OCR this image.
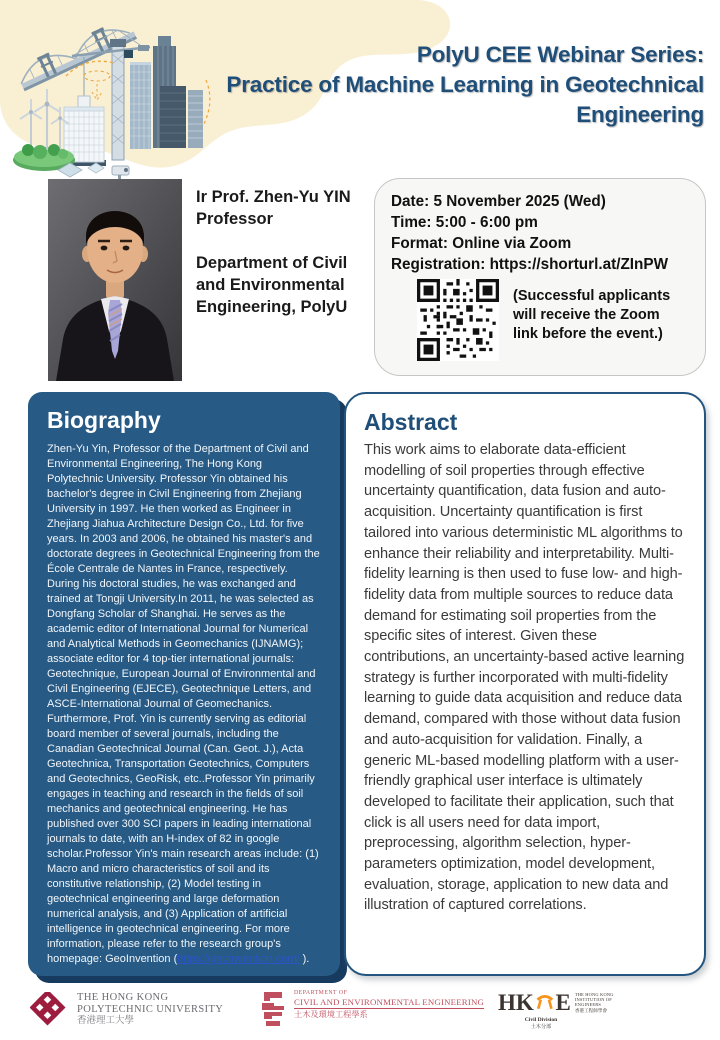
PolyU CEE Webinar Series:
Practice of Machine Learning in Geotechnical
Engineering
Ir Prof. Zhen-Yu YIN
Professor
Department of Civil and Environmental Engineering, PolyU
Date: 5 November 2025 (Wed)
Time: 5:00 - 6:00 pm
Format: Online via Zoom
Registration: https://shorturl.at/ZInPW
(Successful applicants will receive the Zoom link before the event.)
Biography

Zhen-Yu Yin, Professor of the Department of Civil and Environmental Engineering, The Hong Kong Polytechnic University. Professor Yin obtained his bachelor's degree in Civil Engineering from Zhejiang University in 1997. He then worked as Engineer in Zhejiang Jiahua Architecture Design Co., Ltd. for five years. In 2003 and 2006, he obtained his master's and doctorate degrees in Geotechnical Engineering from the École Centrale de Nantes in France, respectively. During his doctoral studies, he was exchanged and trained at Tongji University.In 2011, he was selected as Dongfang Scholar of Shanghai. He serves as the academic editor of International Journal for Numerical and Analytical Methods in Geomechanics (IJNAMG); associate editor for 4 top-tier international journals: Geotechnique, European Journal of Environmental and Civil Engineering (EJECE), Geotechnique Letters, and ASCE-International Journal of Geomechanics. Furthermore, Prof. Yin is currently serving as editorial board member of several journals, including the Canadian Geotechnical Journal (Can. Geot. J.), Acta Geotechnica, Transportation Geotechnics, Computers and Geotechnics, GeoRisk, etc..Professor Yin primarily engages in teaching and research in the fields of soil mechanics and geotechnical engineering. He has published over 300 SCI papers in leading international journals to date, with an H-index of 82 in google scholar.Professor Yin's main research areas include: (1) Macro and micro characteristics of soil and its constitutive relationship, (2) Model testing in geotechnical engineering and large deformation numerical analysis, and (3) Application of artificial intelligence in geotechnical engineering. For more information, please refer to the research group's homepage: GeoInvention (https://geoinvention.com/ ).

Abstract

This work aims to elaborate data-efficient modelling of soil properties through effective uncertainty quantification, data fusion and auto-acquisition. Uncertainty quantification is first tailored into various deterministic ML algorithms to enhance their reliability and interpretability. Multi-fidelity learning is then used to fuse low- and high-fidelity data from multiple sources to reduce data demand for estimating soil properties from the specific sites of interest. Given these contributions, an uncertainty-based active learning strategy is further incorporated with multi-fidelity learning to guide data acquisition and reduce data demand, compared with those without data fusion and auto-acquisition for validation. Finally, a generic ML-based modelling platform with a user-friendly graphical user interface is ultimately developed to facilitate their application, such that click is all users need for data import, preprocessing, algorithm selection, hyper-parameters optimization, model development, evaluation, storage, application to new data and illustration of captured correlations.

THE HONG KONG
POLYTECHNIC UNIVERSITY
香港理工大學
DEPARTMENT OF
CIVIL AND ENVIRONMENTAL ENGINEERING
土木及環境工程學系	HK E THE HONG KONG
INSTITUTION OF ENGINEERS
香港工程師學會
Civil Division
土木分部
